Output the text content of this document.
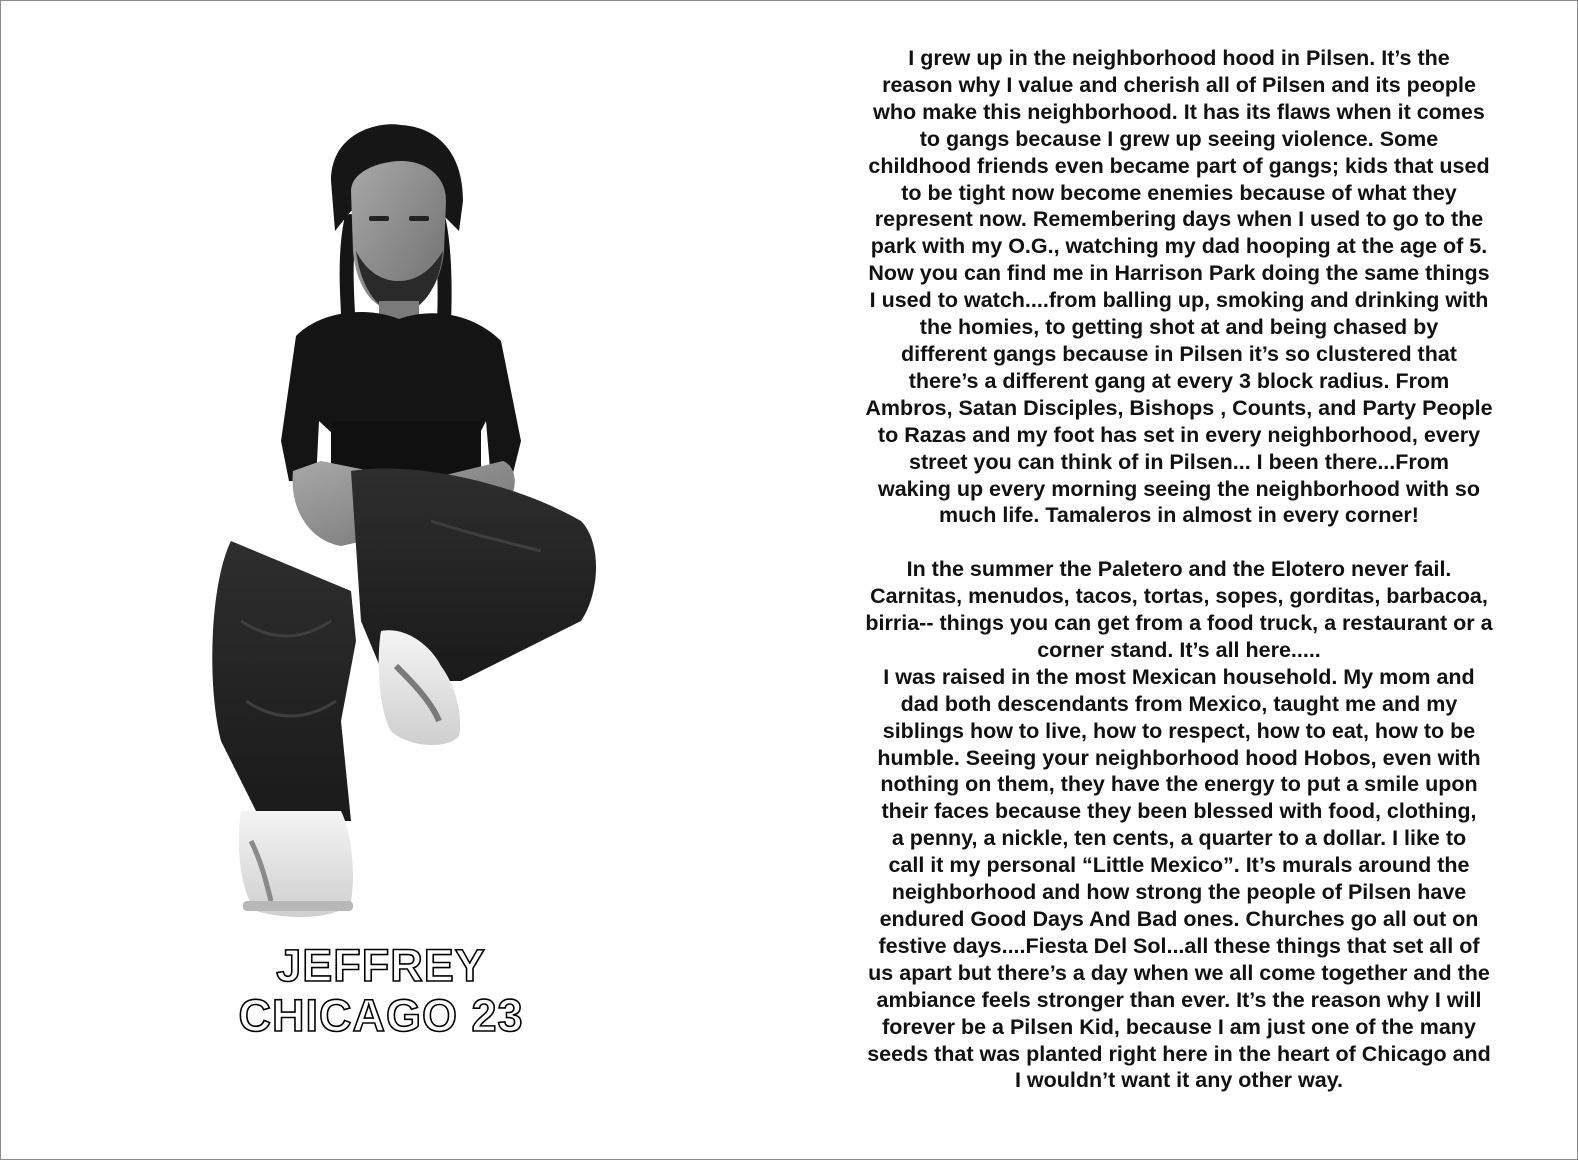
JEFFREY
CHICAGO 23

I grew up in the neighborhood hood in Pilsen. It’s the
reason why I value and cherish all of Pilsen and its people
who make this neighborhood. It has its flaws when it comes
to gangs because I grew up seeing violence. Some
childhood friends even became part of gangs; kids that used
to be tight now become enemies because of what they
represent now. Remembering days when I used to go to the
park with my O.G., watching my dad hooping at the age of 5.
Now you can find me in Harrison Park doing the same things
I used to watch....from balling up, smoking and drinking with
the homies, to getting shot at and being chased by
different gangs because in Pilsen it’s so clustered that
there’s a different gang at every 3 block radius. From
Ambros, Satan Disciples, Bishops , Counts, and Party People
to Razas and my foot has set in every neighborhood, every
street you can think of in Pilsen... I been there...From
waking up every morning seeing the neighborhood with so
much life. Tamaleros in almost in every corner!

In the summer the Paletero and the Elotero never fail.
Carnitas, menudos, tacos, tortas, sopes, gorditas, barbacoa,
birria-- things you can get from a food truck, a restaurant or a
corner stand. It’s all here.....
I was raised in the most Mexican household. My mom and
dad both descendants from Mexico, taught me and my
siblings how to live, how to respect, how to eat, how to be
humble. Seeing your neighborhood hood Hobos, even with
nothing on them, they have the energy to put a smile upon
their faces because they been blessed with food, clothing,
a penny, a nickle, ten cents, a quarter to a dollar. I like to
call it my personal “Little Mexico”. It’s murals around the
neighborhood and how strong the people of Pilsen have
endured Good Days And Bad ones. Churches go all out on
festive days....Fiesta Del Sol...all these things that set all of
us apart but there’s a day when we all come together and the
ambiance feels stronger than ever. It’s the reason why I will
forever be a Pilsen Kid, because I am just one of the many
seeds that was planted right here in the heart of Chicago and
I wouldn’t want it any other way.
